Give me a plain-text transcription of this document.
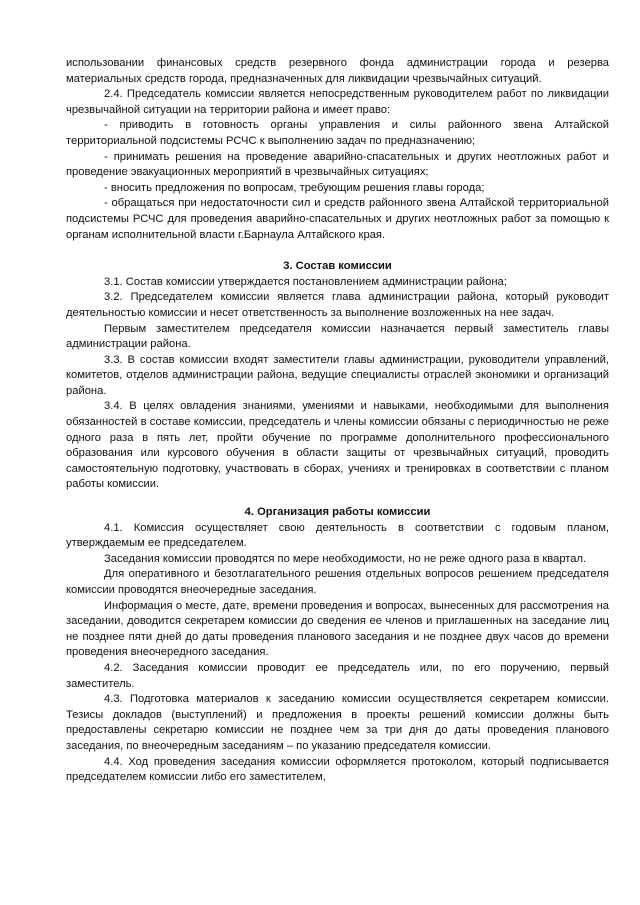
использовании финансовых средств резервного фонда администрации города и резерва материальных средств города, предназначенных для ликвидации чрезвычайных ситуаций.

2.4. Председатель комиссии является непосредственным руководителем работ по ликвидации чрезвычайной ситуации на территории района и имеет право:

- приводить в готовность органы управления и силы районного звена Алтайской территориальной подсистемы РСЧС к выполнению задач по предназначению;

- принимать решения на проведение аварийно-спасательных и других неотложных работ и проведение эвакуационных мероприятий в чрезвычайных ситуациях;

- вносить предложения по вопросам, требующим решения главы города;

- обращаться при недостаточности сил и средств районного звена Алтайской территориальной подсистемы РСЧС для проведения аварийно-спасательных и других неотложных работ за помощью к органам исполнительной власти г.Барнаула Алтайского края.

3. Состав комиссии

3.1. Состав комиссии утверждается постановлением администрации района;

3.2. Председателем комиссии является глава администрации района, который руководит деятельностью комиссии и несет ответственность за выполнение возложенных на нее задач.

Первым заместителем председателя комиссии назначается первый заместитель главы администрации района.

3.3. В состав комиссии входят заместители главы администрации, руководители управлений, комитетов, отделов администрации района, ведущие специалисты отраслей экономики и организаций района.

3.4. В целях овладения знаниями, умениями и навыками, необходимыми для выполнения обязанностей в составе комиссии, председатель и члены комиссии обязаны с периодичностью не реже одного раза в пять лет, пройти обучение по программе дополнительного профессионального образования или курсового обучения в области защиты от чрезвычайных ситуаций, проводить самостоятельную подготовку, участвовать в сборах, учениях и тренировках в соответствии с планом работы комиссии.

4. Организация работы комиссии

4.1. Комиссия осуществляет свою деятельность в соответствии с годовым планом, утверждаемым ее председателем.

Заседания комиссии проводятся по мере необходимости, но не реже одного раза в квартал.

Для оперативного и безотлагательного решения отдельных вопросов решением председателя комиссии проводятся внеочередные заседания.

Информация о месте, дате, времени проведения и вопросах, вынесенных для рассмотрения на заседании, доводится секретарем комиссии до сведения ее членов и приглашенных на заседание лиц не позднее пяти дней до даты проведения планового заседания и не позднее двух часов до времени проведения внеочередного заседания.

4.2. Заседания комиссии проводит ее председатель или, по его поручению, первый заместитель.

4.3. Подготовка материалов к заседанию комиссии осуществляется секретарем комиссии. Тезисы докладов (выступлений) и предложения в проекты решений комиссии должны быть предоставлены секретарю комиссии не позднее чем за три дня до даты проведения планового заседания, по внеочередным заседаниям – по указанию председателя комиссии.

4.4. Ход проведения заседания комиссии оформляется протоколом, который подписывается председателем комиссии либо его заместителем,
